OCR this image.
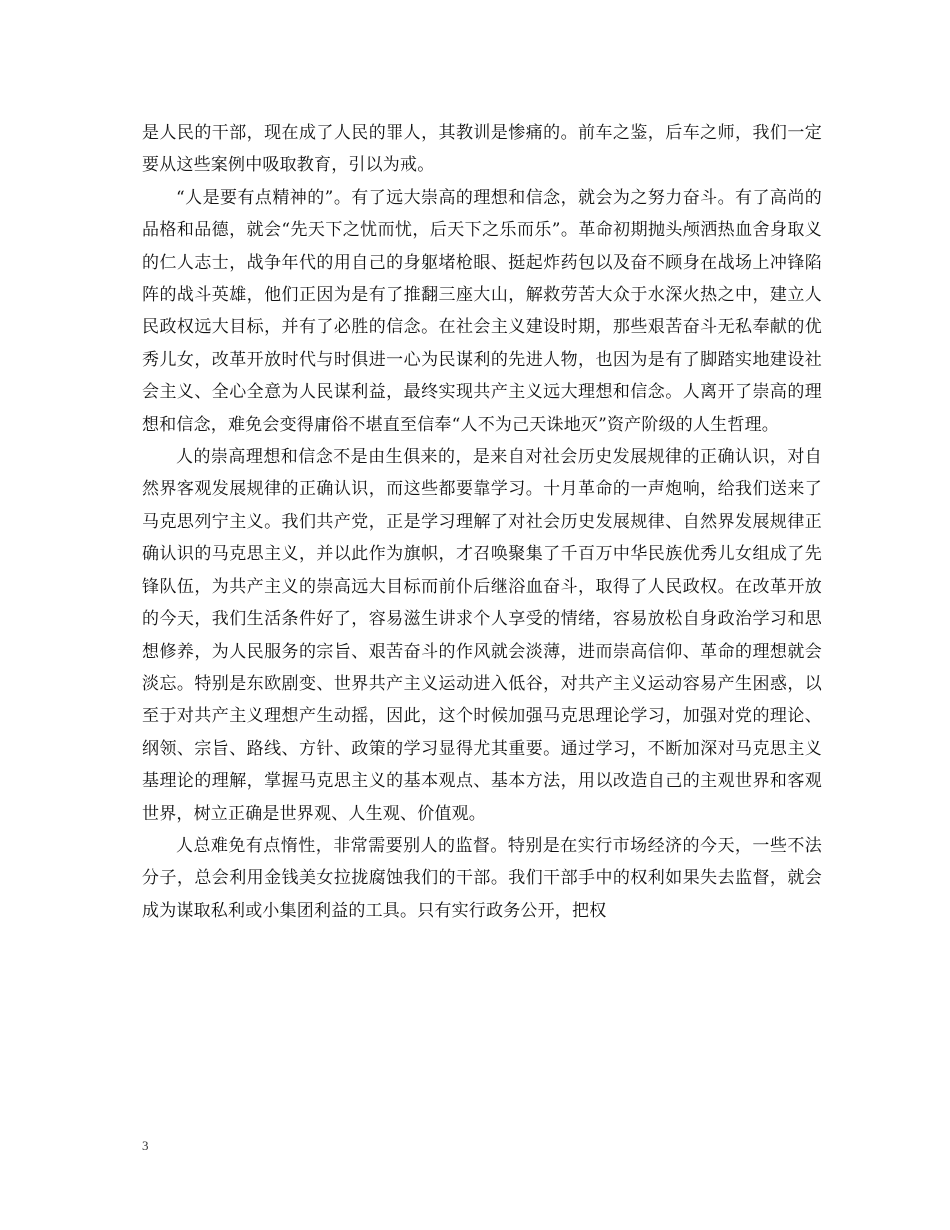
是人民的干部，现在成了人民的罪人，其教训是惨痛的。前车之鉴，后车之师，我们一定要从这些案例中吸取教育，引以为戒。

“人是要有点精神的”。有了远大崇高的理想和信念，就会为之努力奋斗。有了高尚的品格和品德，就会“先天下之忧而忧，后天下之乐而乐”。革命初期抛头颅洒热血舍身取义的仁人志士，战争年代的用自己的身躯堵枪眼、挺起炸药包以及奋不顾身在战场上冲锋陷阵的战斗英雄，他们正因为是有了推翻三座大山，解救劳苦大众于水深火热之中，建立人民政权远大目标，并有了必胜的信念。在社会主义建设时期，那些艰苦奋斗无私奉献的优秀儿女，改革开放时代与时俱进一心为民谋利的先进人物，也因为是有了脚踏实地建设社会主义、全心全意为人民谋利益，最终实现共产主义远大理想和信念。人离开了崇高的理想和信念，难免会变得庸俗不堪直至信奉“人不为己天诛地灭”资产阶级的人生哲理。

人的崇高理想和信念不是由生俱来的，是来自对社会历史发展规律的正确认识，对自然界客观发展规律的正确认识，而这些都要靠学习。十月革命的一声炮响，给我们送来了马克思列宁主义。我们共产党，正是学习理解了对社会历史发展规律、自然界发展规律正确认识的马克思主义，并以此作为旗帜，才召唤聚集了千百万中华民族优秀儿女组成了先锋队伍，为共产主义的崇高远大目标而前仆后继浴血奋斗，取得了人民政权。在改革开放的今天，我们生活条件好了，容易滋生讲求个人享受的情绪，容易放松自身政治学习和思想修养，为人民服务的宗旨、艰苦奋斗的作风就会淡薄，进而崇高信仰、革命的理想就会淡忘。特别是东欧剧变、世界共产主义运动进入低谷，对共产主义运动容易产生困惑，以至于对共产主义理想产生动摇，因此，这个时候加强马克思理论学习，加强对党的理论、纲领、宗旨、路线、方针、政策的学习显得尤其重要。通过学习，不断加深对马克思主义基理论的理解，掌握马克思主义的基本观点、基本方法，用以改造自己的主观世界和客观世界，树立正确是世界观、人生观、价值观。

人总难免有点惰性，非常需要别人的监督。特别是在实行市场经济的今天，一些不法分子，总会利用金钱美女拉拢腐蚀我们的干部。我们干部手中的权利如果失去监督，就会成为谋取私利或小集团利益的工具。只有实行政务公开，把权

3
